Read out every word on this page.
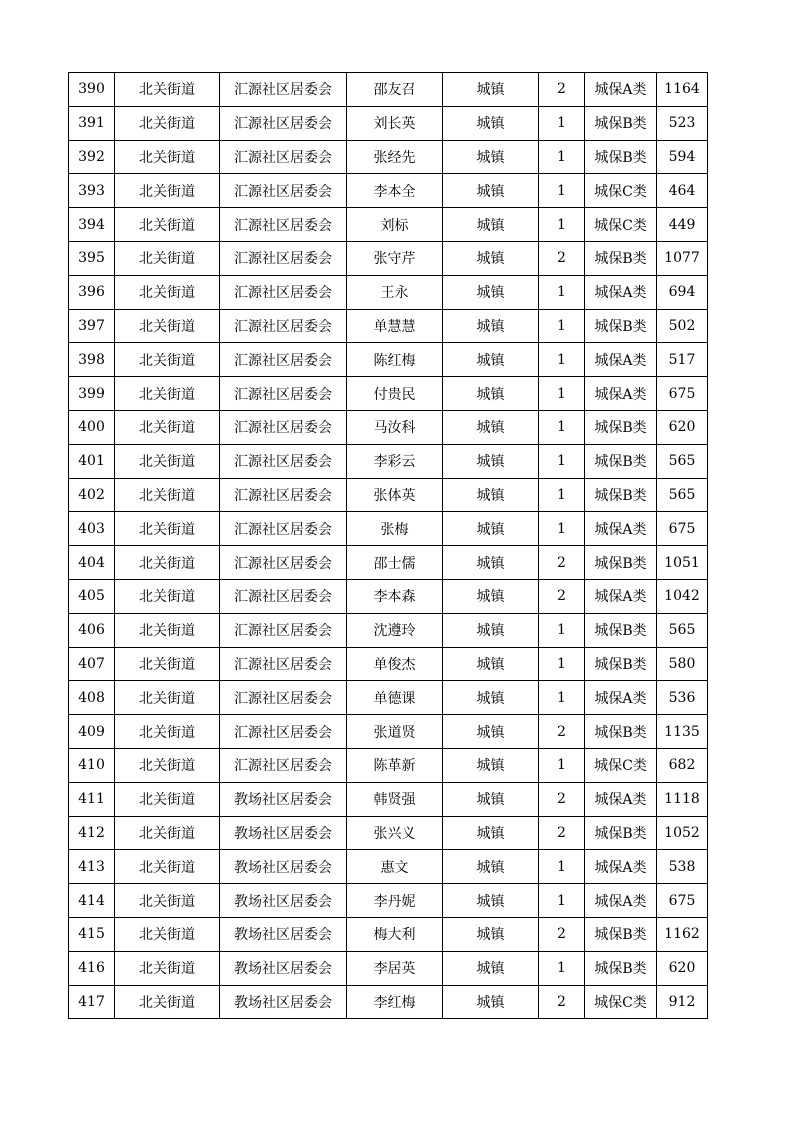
390	北关街道	汇源社区居委会	邵友召	城镇	2	城保A类	1164
391	北关街道	汇源社区居委会	刘长英	城镇	1	城保B类	523
392	北关街道	汇源社区居委会	张经先	城镇	1	城保B类	594
393	北关街道	汇源社区居委会	李本全	城镇	1	城保C类	464
394	北关街道	汇源社区居委会	刘标	城镇	1	城保C类	449
395	北关街道	汇源社区居委会	张守芹	城镇	2	城保B类	1077
396	北关街道	汇源社区居委会	王永	城镇	1	城保A类	694
397	北关街道	汇源社区居委会	单慧慧	城镇	1	城保B类	502
398	北关街道	汇源社区居委会	陈红梅	城镇	1	城保A类	517
399	北关街道	汇源社区居委会	付贵民	城镇	1	城保A类	675
400	北关街道	汇源社区居委会	马汝科	城镇	1	城保B类	620
401	北关街道	汇源社区居委会	李彩云	城镇	1	城保B类	565
402	北关街道	汇源社区居委会	张体英	城镇	1	城保B类	565
403	北关街道	汇源社区居委会	张梅	城镇	1	城保A类	675
404	北关街道	汇源社区居委会	邵士儒	城镇	2	城保B类	1051
405	北关街道	汇源社区居委会	李本森	城镇	2	城保A类	1042
406	北关街道	汇源社区居委会	沈遵玲	城镇	1	城保B类	565
407	北关街道	汇源社区居委会	单俊杰	城镇	1	城保B类	580
408	北关街道	汇源社区居委会	单德课	城镇	1	城保A类	536
409	北关街道	汇源社区居委会	张道贤	城镇	2	城保B类	1135
410	北关街道	汇源社区居委会	陈革新	城镇	1	城保C类	682
411	北关街道	教场社区居委会	韩贤强	城镇	2	城保A类	1118
412	北关街道	教场社区居委会	张兴义	城镇	2	城保B类	1052
413	北关街道	教场社区居委会	惠文	城镇	1	城保A类	538
414	北关街道	教场社区居委会	李丹妮	城镇	1	城保A类	675
415	北关街道	教场社区居委会	梅大利	城镇	2	城保B类	1162
416	北关街道	教场社区居委会	李居英	城镇	1	城保B类	620
417	北关街道	教场社区居委会	李红梅	城镇	2	城保C类	912
